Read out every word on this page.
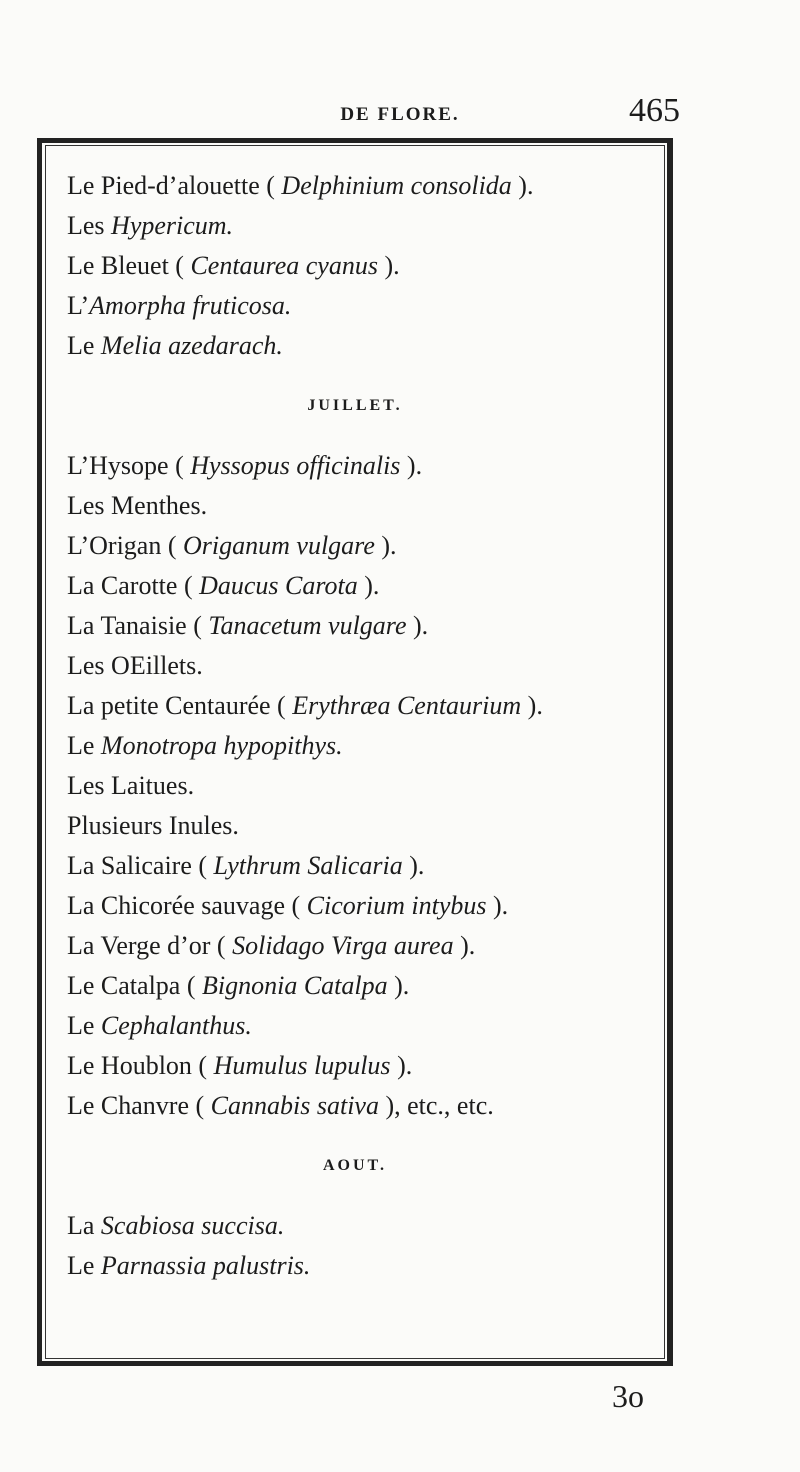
DE FLORE.	465
Le Pied-d’alouette ( Delphinium consolida ).
Les Hypericum.
Le Bleuet ( Centaurea cyanus ).
L’Amorpha fruticosa.
Le Melia azedarach.
JUILLET.
L’Hysope ( Hyssopus officinalis ).
Les Menthes.
L’Origan ( Origanum vulgare ).
La Carotte ( Daucus Carota ).
La Tanaisie ( Tanacetum vulgare ).
Les OEillets.
La petite Centaurée ( Erythræa Centaurium ).
Le Monotropa hypopithys.
Les Laitues.
Plusieurs Inules.
La Salicaire ( Lythrum Salicaria ).
La Chicorée sauvage ( Cicorium intybus ).
La Verge d’or ( Solidago Virga aurea ).
Le Catalpa ( Bignonia Catalpa ).
Le Cephalanthus.
Le Houblon ( Humulus lupulus ).
Le Chanvre ( Cannabis sativa ), etc., etc.
AOUT.
La Scabiosa succisa.
Le Parnassia palustris.
3o
